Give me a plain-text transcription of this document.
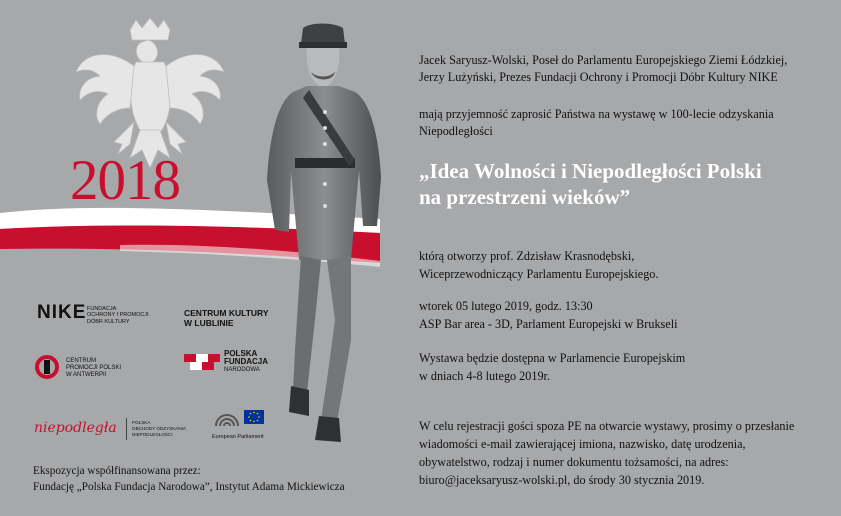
2018
NIKE FUNDACJA
OCHRONY I PROMOCJI
DÓBR KULTURY
CENTRUM KULTURY
W LUBLINIE
CENTRUM
PROMOCJI POLSKI
W ANTWERPII
POLSKA
FUNDACJA
NARODOWA
niepodległa	POLSKA
OBCHODY ODZYSKANIA
NIEPODLEGŁOŚCI	European Parliament
Jacek Saryusz-Wolski, Poseł do Parlamentu Europejskiego Ziemi Łódzkiej,
Jerzy Lużyński, Prezes Fundacji Ochrony i Promocji Dóbr Kultury NIKE
mają przyjemność zaprosić Państwa na wystawę w 100-lecie odzyskania
Niepodległości
„Idea Wolności i Niepodległości Polski
na przestrzeni wieków”
którą otworzy prof. Zdzisław Krasnodębski,
Wiceprzewodniczący Parlamentu Europejskiego.
wtorek 05 lutego 2019, godz. 13:30
ASP Bar area - 3D, Parlament Europejski w Brukseli
Wystawa będzie dostępna w Parlamencie Europejskim
w dniach 4-8 lutego 2019r.
W celu rejestracji gości spoza PE na otwarcie wystawy, prosimy o przesłanie
wiadomości e-mail zawierającej imiona, nazwisko, datę urodzenia,
obywatelstwo, rodzaj i numer dokumentu tożsamości, na adres:
biuro@jaceksaryusz-wolski.pl, do środy 30 stycznia 2019.
Ekspozycja współfinansowana przez:
Fundację „Polska Fundacja Narodowa”, Instytut Adama Mickiewicza
